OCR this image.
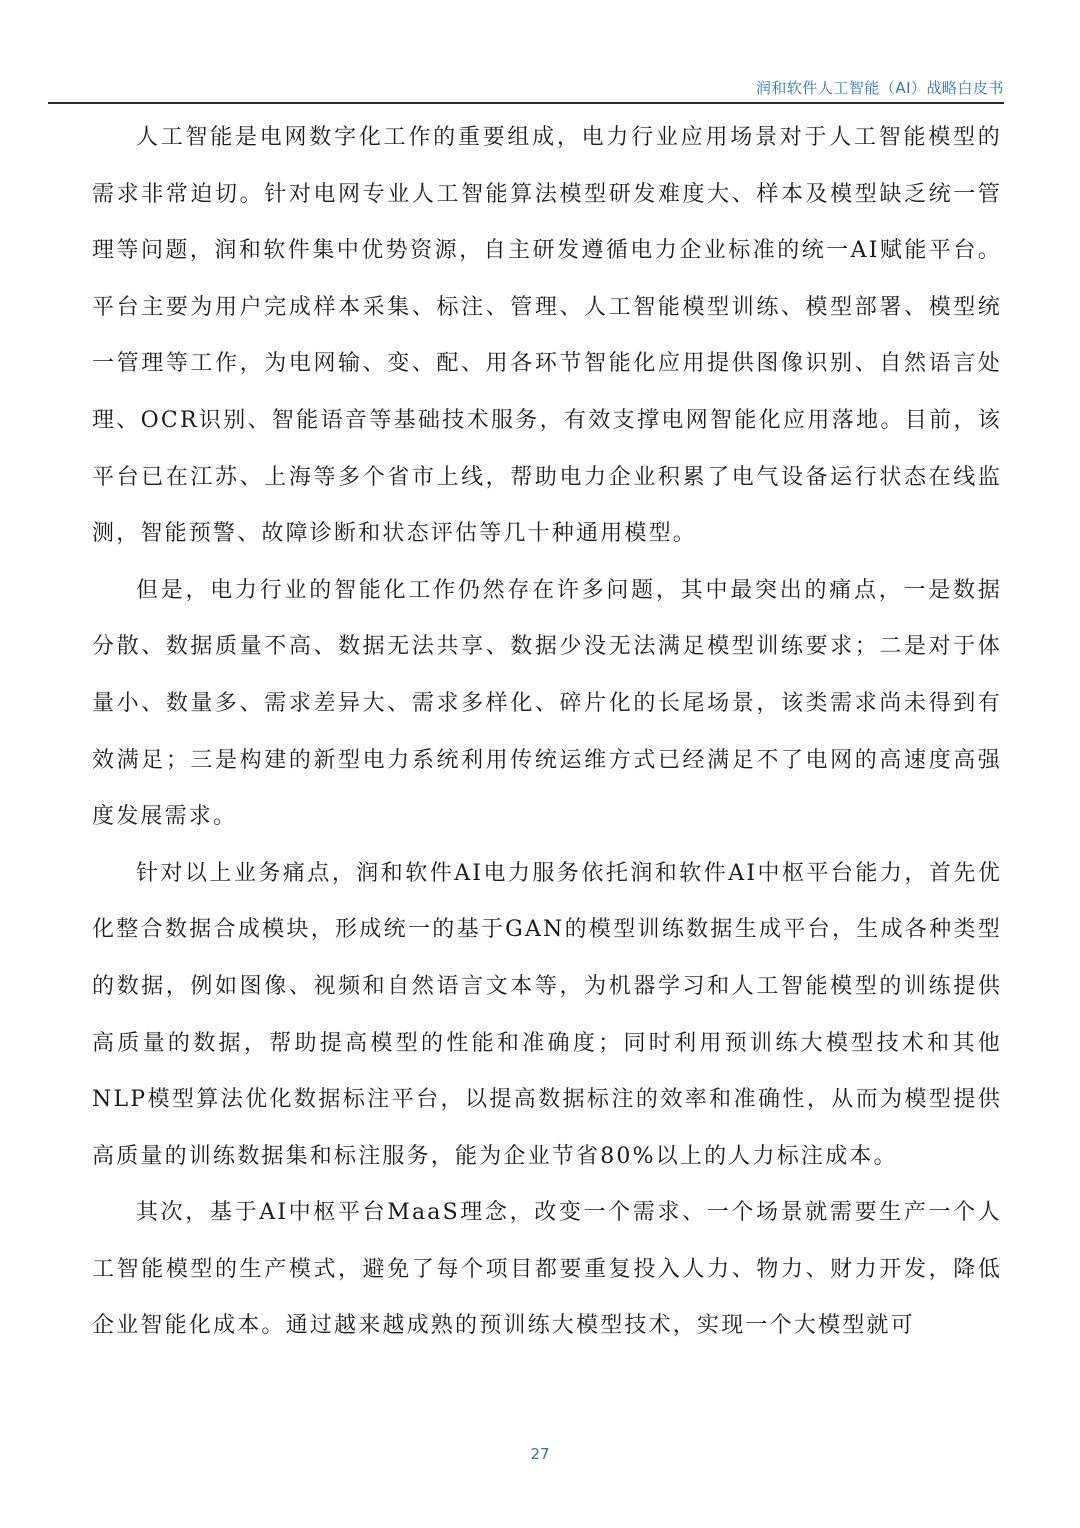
润和软件人工智能（AI）战略白皮书

人工智能是电网数字化工作的重要组成，电力行业应用场景对于人工智能模型的需求非常迫切。针对电网专业人工智能算法模型研发难度大、样本及模型缺乏统一管理等问题，润和软件集中优势资源，自主研发遵循电力企业标准的统一AI赋能平台。平台主要为用户完成样本采集、标注、管理、人工智能模型训练、模型部署、模型统一管理等工作，为电网输、变、配、用各环节智能化应用提供图像识别、自然语言处理、OCR识别、智能语音等基础技术服务，有效支撑电网智能化应用落地。目前，该平台已在江苏、上海等多个省市上线，帮助电力企业积累了电气设备运行状态在线监测，智能预警、故障诊断和状态评估等几十种通用模型。

但是，电力行业的智能化工作仍然存在许多问题，其中最突出的痛点，一是数据分散、数据质量不高、数据无法共享、数据少没无法满足模型训练要求；二是对于体量小、数量多、需求差异大、需求多样化、碎片化的长尾场景，该类需求尚未得到有效满足；三是构建的新型电力系统利用传统运维方式已经满足不了电网的高速度高强度发展需求。

针对以上业务痛点，润和软件AI电力服务依托润和软件AI中枢平台能力，首先优化整合数据合成模块，形成统一的基于GAN的模型训练数据生成平台，生成各种类型的数据，例如图像、视频和自然语言文本等，为机器学习和人工智能模型的训练提供高质量的数据，帮助提高模型的性能和准确度；同时利用预训练大模型技术和其他NLP模型算法优化数据标注平台，以提高数据标注的效率和准确性，从而为模型提供高质量的训练数据集和标注服务，能为企业节省80%以上的人力标注成本。

其次，基于AI中枢平台MaaS理念，改变一个需求、一个场景就需要生产一个人工智能模型的生产模式，避免了每个项目都要重复投入人力、物力、财力开发，降低企业智能化成本。通过越来越成熟的预训练大模型技术，实现一个大模型就可

27
